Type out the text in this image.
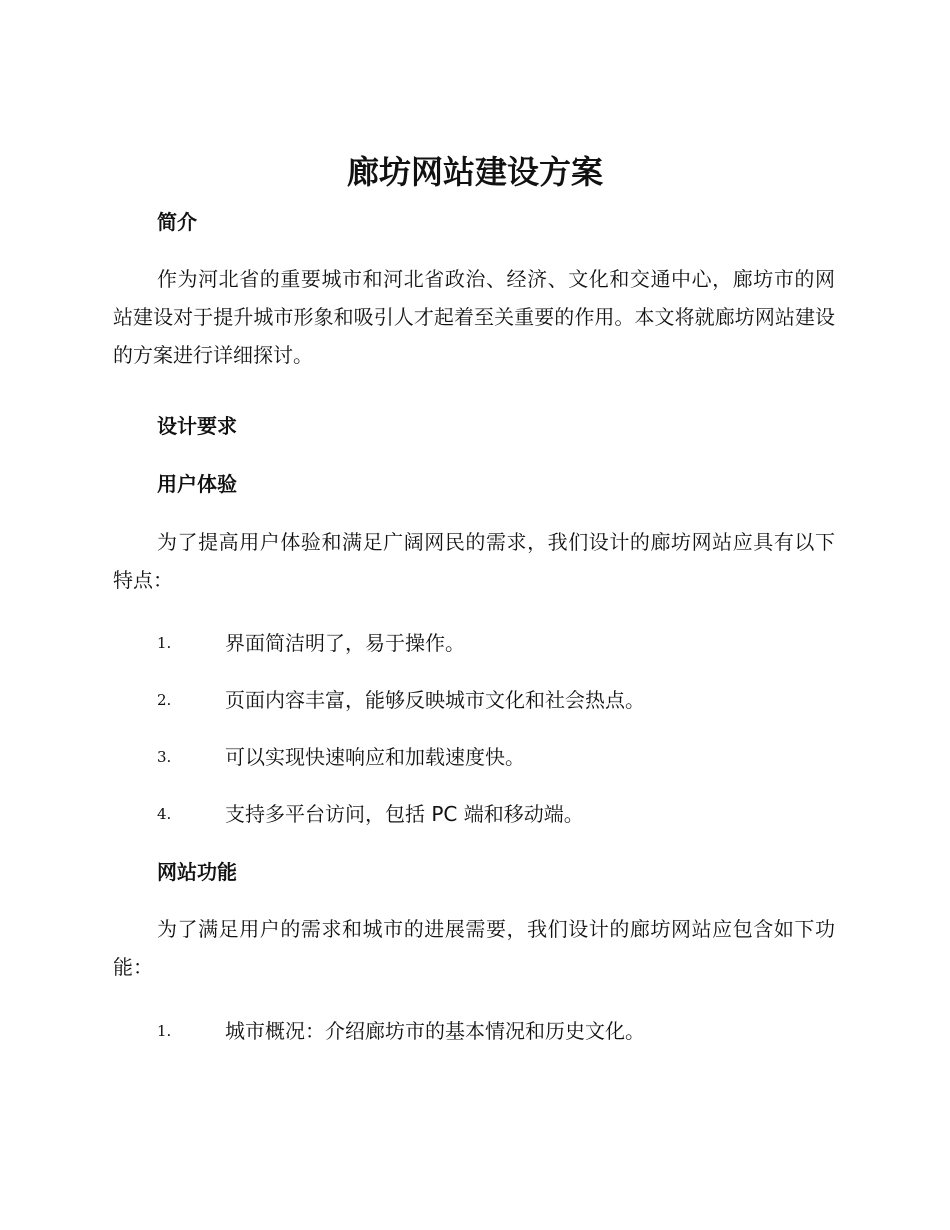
廊坊网站建设方案
简介

作为河北省的重要城市和河北省政治、经济、文化和交通中心，廊坊市的网站建设对于提升城市形象和吸引人才起着至关重要的作用。本文将就廊坊网站建设的方案进行详细探讨。

设计要求
用户体验

为了提高用户体验和满足广阔网民的需求，我们设计的廊坊网站应具有以下特点：

1.	界面简洁明了，易于操作。
2.	页面内容丰富，能够反映城市文化和社会热点。
3.	可以实现快速响应和加载速度快。
4.	支持多平台访问，包括 PC 端和移动端。
网站功能

为了满足用户的需求和城市的进展需要，我们设计的廊坊网站应包含如下功能：

1.	城市概况：介绍廊坊市的基本情况和历史文化。
